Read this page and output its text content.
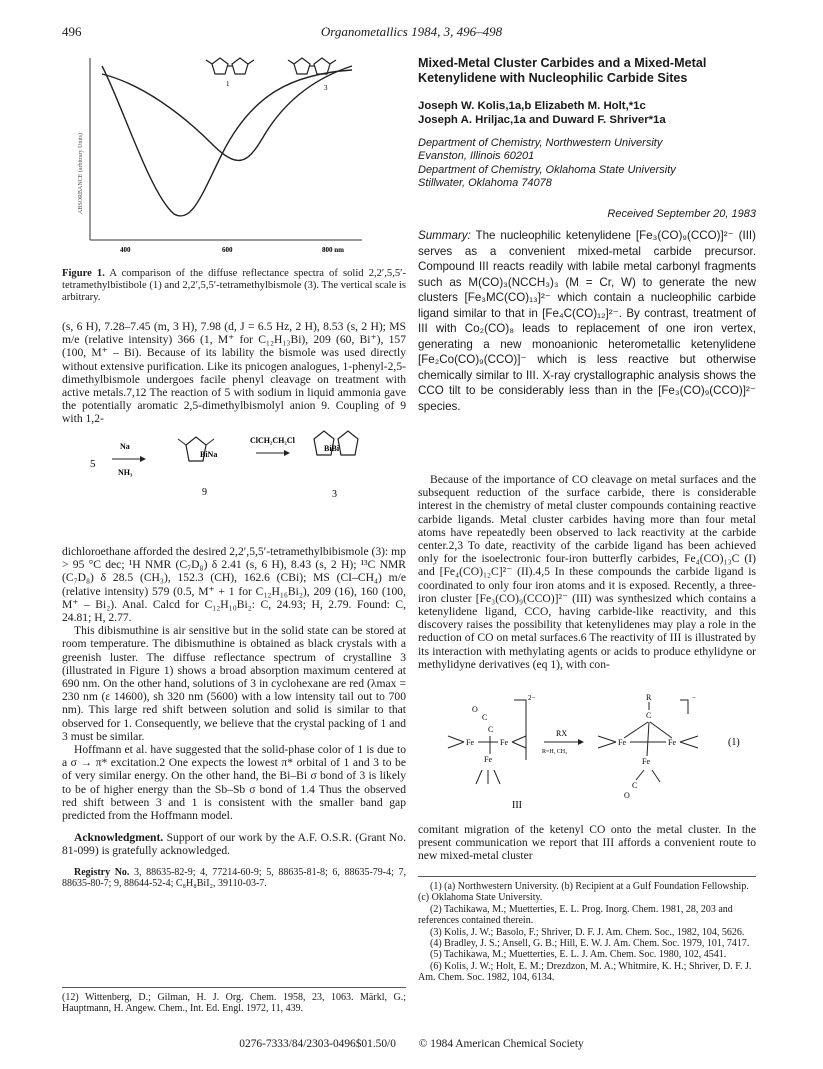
496	Organometallics 1984, 3, 496–498
1	3
ABSORBANCE (arbitrary Units)
400	600	800 nm
Figure 1. A comparison of the diffuse reflectance spectra of solid 2,2′,5,5′-tetramethylbistibole (1) and 2,2′,5,5′-tetramethylbismole (3). The vertical scale is arbitrary.
(s, 6 H), 7.28–7.45 (m, 3 H), 7.98 (d, J = 6.5 Hz, 2 H), 8.53 (s, 2 H); MS m/e (relative intensity) 366 (1, M⁺ for C₁₂H₁₃Bi), 209 (60, Bi⁺), 157 (100, M⁺ – Bi). Because of its lability the bismole was used directly without extensive purification. Like its pnicogen analogues, 1-phenyl-2,5-dimethylbismole undergoes facile phenyl cleavage on treatment with active metals.7,12 The reaction of 5 with sodium in liquid ammonia gave the potentially aromatic 2,5-dimethylbismolyl anion 9. Coupling of 9 with 1,2-
5
Na
NH₃
BiNa
9
ClCH₂CH₂Cl
BiBi
3

dichloroethane afforded the desired 2,2′,5,5′-tetramethylbibismole (3): mp > 95 °C dec; ¹H NMR (C₇D₈) δ 2.41 (s, 6 H), 8.43 (s, 2 H); ¹³C NMR (C₇D₈) δ 28.5 (CH₃), 152.3 (CH), 162.6 (CBi); MS (CI–CH₄) m/e (relative intensity) 579 (0.5, M⁺ + 1 for C₁₂H₁₆Bi₂), 209 (16), 160 (100, M⁺ – Bi₂). Anal. Calcd for C₁₂H₁₀Bi₂: C, 24.93; H, 2.79. Found: C, 24.81; H, 2.77.

This dibismuthine is air sensitive but in the solid state can be stored at room temperature. The dibismuthine is obtained as black crystals with a greenish luster. The diffuse reflectance spectrum of crystalline 3 (illustrated in Figure 1) shows a broad absorption maximum centered at 690 nm. On the other hand, solutions of 3 in cyclohexane are red (λmax = 230 nm (ε 14600), sh 320 nm (5600) with a low intensity tail out to 700 nm). This large red shift between solution and solid is similar to that observed for 1. Consequently, we believe that the crystal packing of 1 and 3 must be similar.

Hoffmann et al. have suggested that the solid-phase color of 1 is due to a σ → π* excitation.2 One expects the lowest π* orbital of 1 and 3 to be of very similar energy. On the other hand, the Bi–Bi σ bond of 3 is likely to be of higher energy than the Sb–Sb σ bond of 1.4 Thus the observed red shift between 3 and 1 is consistent with the smaller band gap predicted from the Hoffmann model.

Acknowledgment. Support of our work by the A.F. O.S.R. (Grant No. 81-099) is gratefully acknowledged.

Registry No. 3, 88635-82-9; 4, 77214-60-9; 5, 88635-81-8; 6, 88635-79-4; 7, 88635-80-7; 9, 88644-52-4; C₈H₈BiI₂, 39110-03-7.

(12) Wittenberg, D.; Gilman, H. J. Org. Chem. 1958, 23, 1063. Märkl, G.; Hauptmann, H. Angew. Chem., Int. Ed. Engl. 1972, 11, 439.
Mixed-Metal Cluster Carbides and a Mixed-Metal Ketenylidene with Nucleophilic Carbide Sites
Joseph W. Kolis,1a,b Elizabeth M. Holt,*1c
Joseph A. Hriljac,1a and Duward F. Shriver*1a
Department of Chemistry, Northwestern University
Evanston, Illinois 60201
Department of Chemistry, Oklahoma State University
Stillwater, Oklahoma 74078
Received September 20, 1983
Summary: The nucleophilic ketenylidene [Fe₃(CO)₉(CCO)]²⁻ (III) serves as a convenient mixed-metal carbide precursor. Compound III reacts readily with labile metal carbonyl fragments such as M(CO)₃(NCCH₃)₃ (M = Cr, W) to generate the new clusters [Fe₃MC(CO)₁₃]²⁻ which contain a nucleophilic carbide ligand similar to that in [Fe₄C(CO)₁₂]²⁻. By contrast, treatment of III with Co₂(CO)₈ leads to replacement of one iron vertex, generating a new monoanionic heterometallic ketenylidene [Fe₂Co(CO)₉(CCO)]⁻ which is less reactive but otherwise chemically similar to III. X-ray crystallographic analysis shows the CCO tilt to be considerably less than in the [Fe₃(CO)₉(CCO)]²⁻ species.
Because of the importance of CO cleavage on metal surfaces and the subsequent reduction of the surface carbide, there is considerable interest in the chemistry of metal cluster compounds containing reactive carbide ligands. Metal cluster carbides having more than four metal atoms have repeatedly been observed to lack reactivity at the carbide center.2,3 To date, reactivity of the carbide ligand has been achieved only for the isoelectronic four-iron butterfly carbides, Fe₄(CO)₁₃C (I) and [Fe₄(CO)₁₂C]²⁻ (II).4,5 In these compounds the carbide ligand is coordinated to only four iron atoms and it is exposed. Recently, a three-iron cluster [Fe₃(CO)₉(CCO)]²⁻ (III) was synthesized which contains a ketenylidene ligand, CCO, having carbide-like reactivity, and this discovery raises the possibility that ketenylidenes may play a role in the reduction of CO on metal surfaces.6 The reactivity of III is illustrated by its interaction with methylating agents or acids to produce ethylidyne or methylidyne derivatives (eq 1), with con-
O
C
C
2−
Fe	Fe
Fe
RX
R=H, CH₃
R
C
−
Fe	Fe
Fe
C
O
(1)
III
comitant migration of the ketenyl CO onto the metal cluster. In the present communication we report that III affords a convenient route to new mixed-metal cluster

(1) (a) Northwestern University. (b) Recipient at a Gulf Foundation Fellowship. (c) Oklahoma State University.

(2) Tachikawa, M.; Muetterties, E. L. Prog. Inorg. Chem. 1981, 28, 203 and references contained therein.

(3) Kolis, J. W.; Basolo, F.; Shriver, D. F. J. Am. Chem. Soc., 1982, 104, 5626.

(4) Bradley, J. S.; Ansell, G. B.; Hill, E. W. J. Am. Chem. Soc. 1979, 101, 7417.

(5) Tachikawa, M.; Muetterties, E. L. J. Am. Chem. Soc. 1980, 102, 4541.

(6) Kolis, J. W.; Holt, E. M.; Drezdzon, M. A.; Whitmire, K. H.; Shriver, D. F. J. Am. Chem. Soc. 1982, 104, 6134.

0276-7333/84/2303-0496$01.50/0 © 1984 American Chemical Society
